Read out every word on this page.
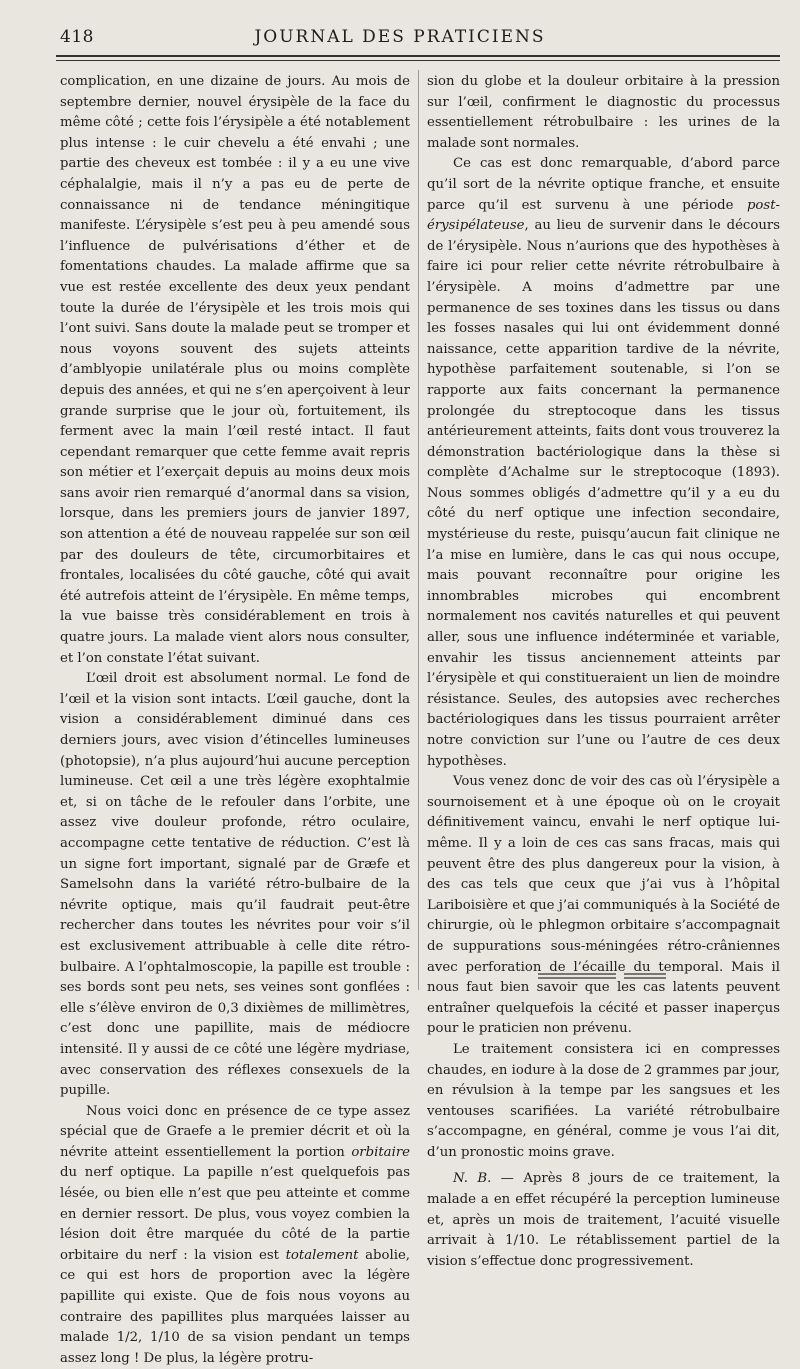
418	JOURNAL DES PRATICIENS

complication, en une dizaine de jours. Au mois de septembre dernier, nouvel érysipèle de la face du même côté ; cette fois l’érysipèle a été notablement plus intense : le cuir chevelu a été envahi ; une partie des cheveux est tombée : il y a eu une vive céphalalgie, mais il n’y a pas eu de perte de connaissance ni de tendance méningitique manifeste. L’érysipèle s’est peu à peu amendé sous l’influence de pulvérisations d’éther et de fomentations chaudes. La malade affirme que sa vue est restée excellente des deux yeux pendant toute la durée de l’érysipèle et les trois mois qui l’ont suivi. Sans doute la malade peut se tromper et nous voyons souvent des sujets atteints d’amblyopie unilatérale plus ou moins complète depuis des années, et qui ne s’en aperçoivent à leur grande surprise que le jour où, fortuitement, ils ferment avec la main l’œil resté intact. Il faut cependant remarquer que cette femme avait repris son métier et l’exerçait depuis au moins deux mois sans avoir rien remarqué d’anormal dans sa vision, lorsque, dans les premiers jours de janvier 1897, son attention a été de nouveau rappelée sur son œil par des douleurs de tête, circumorbitaires et frontales, localisées du côté gauche, côté qui avait été autrefois atteint de l’érysipèle. En même temps, la vue baisse très considérablement en trois à quatre jours. La malade vient alors nous consulter, et l’on constate l’état suivant.

L’œil droit est absolument normal. Le fond de l’œil et la vision sont intacts. L’œil gauche, dont la vision a considérablement diminué dans ces derniers jours, avec vision d’étincelles lumineuses (photopsie), n’a plus aujourd’hui aucune perception lumineuse. Cet œil a une très légère exophtalmie et, si on tâche de le refouler dans l’orbite, une assez vive douleur profonde, rétro oculaire, accompagne cette tentative de réduction. C’est là un signe fort important, signalé par de Græfe et Samelsohn dans la variété rétro-bulbaire de la névrite optique, mais qu’il faudrait peut-être rechercher dans toutes les névrites pour voir s’il est exclusivement attribuable à celle dite rétro-bulbaire. A l’ophtalmoscopie, la papille est trouble : ses bords sont peu nets, ses veines sont gonflées : elle s’élève environ de 0,3 dixièmes de millimètres, c’est donc une papillite, mais de médiocre intensité. Il y aussi de ce côté une légère mydriase, avec conservation des réflexes consexuels de la pupille.

Nous voici donc en présence de ce type assez spécial que de Graefe a le premier décrit et où la névrite atteint essentiellement la portion orbitaire du nerf optique. La papille n’est quelquefois pas lésée, ou bien elle n’est que peu atteinte et comme en dernier ressort. De plus, vous voyez combien la lésion doit être marquée du côté de la partie orbitaire du nerf : la vision est totalement abolie, ce qui est hors de proportion avec la légère papillite qui existe. Que de fois nous voyons au contraire des papillites plus marquées laisser au malade 1/2, 1/10 de sa vision pendant un temps assez long ! De plus, la légère protru-

sion du globe et la douleur orbitaire à la pression sur l’œil, confirment le diagnostic du processus essentiellement rétrobulbaire : les urines de la malade sont normales.

Ce cas est donc remarquable, d’abord parce qu’il sort de la névrite optique franche, et ensuite parce qu’il est survenu à une période post-érysipélateuse, au lieu de survenir dans le décours de l’érysipèle. Nous n’aurions que des hypothèses à faire ici pour relier cette névrite rétrobulbaire à l’érysipèle. A moins d’admettre par une permanence de ses toxines dans les tissus ou dans les fosses nasales qui lui ont évidemment donné naissance, cette apparition tardive de la névrite, hypothèse parfaitement soutenable, si l’on se rapporte aux faits concernant la permanence prolongée du streptocoque dans les tissus antérieurement atteints, faits dont vous trouverez la démonstration bactériologique dans la thèse si complète d’Achalme sur le streptocoque (1893). Nous sommes obligés d’admettre qu’il y a eu du côté du nerf optique une infection secondaire, mystérieuse du reste, puisqu’aucun fait clinique ne l’a mise en lumière, dans le cas qui nous occupe, mais pouvant reconnaître pour origine les innombrables microbes qui encombrent normalement nos cavités naturelles et qui peuvent aller, sous une influence indéterminée et variable, envahir les tissus anciennement atteints par l’érysipèle et qui constitueraient un lien de moindre résistance. Seules, des autopsies avec recherches bactériologiques dans les tissus pourraient arrêter notre conviction sur l’une ou l’autre de ces deux hypothèses.

Vous venez donc de voir des cas où l’érysipèle a sournoisement et à une époque où on le croyait définitivement vaincu, envahi le nerf optique lui-même. Il y a loin de ces cas sans fracas, mais qui peuvent être des plus dangereux pour la vision, à des cas tels que ceux que j’ai vus à l’hôpital Lariboisière et que j’ai communiqués à la Société de chirurgie, où le phlegmon orbitaire s’accompagnait de suppurations sous-méningées rétro-crâniennes avec perforation de l’écaille du temporal. Mais il nous faut bien savoir que les cas latents peuvent entraîner quelquefois la cécité et passer inaperçus pour le praticien non prévenu.

Le traitement consistera ici en compresses chaudes, en iodure à la dose de 2 grammes par jour, en révulsion à la tempe par les sangsues et les ventouses scarifiées. La variété rétrobulbaire s’accompagne, en général, comme je vous l’ai dit, d’un pronostic moins grave.

N. B. — Après 8 jours de ce traitement, la malade a en effet récupéré la perception lumineuse et, après un mois de traitement, l’acuité visuelle arrivait à 1/10. Le rétablissement partiel de la vision s’effectue donc progressivement.
